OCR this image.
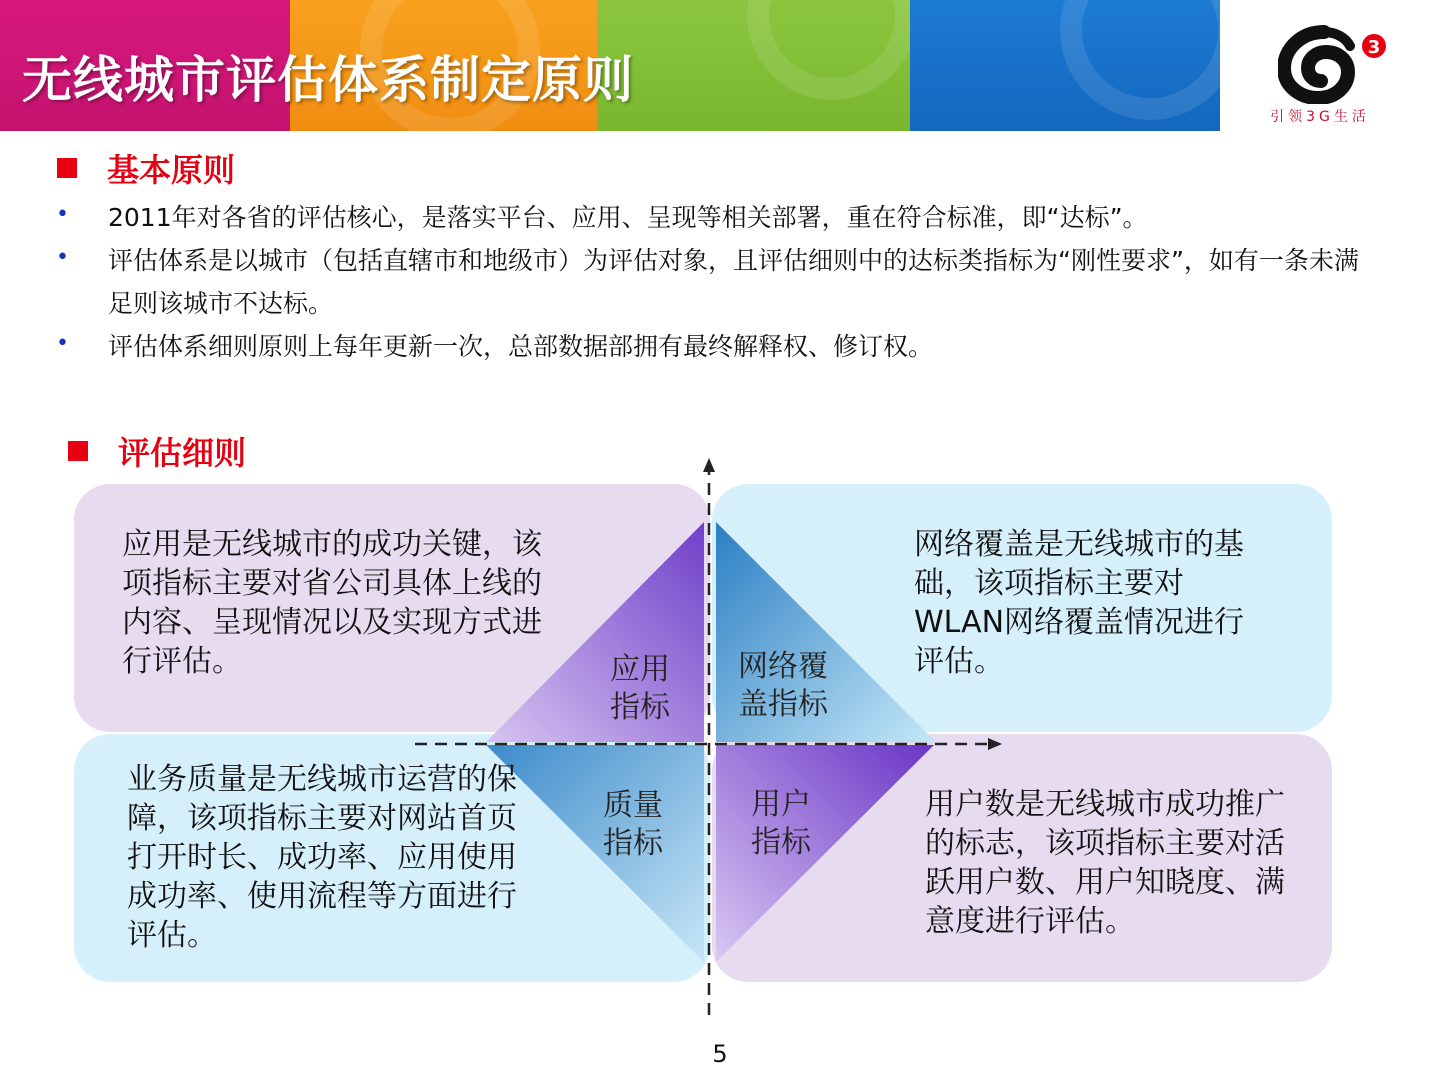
无线城市评估体系制定原则
3
引领3G生活
基本原则
• 2011年对各省的评估核心，是落实平台、应用、呈现等相关部署，重在符合标准，即“达标”。
• 评估体系是以城市（包括直辖市和地级市）为评估对象，且评估细则中的达标类指标为“刚性要求”，如有一条未满足则该城市不达标。
• 评估体系细则原则上每年更新一次，总部数据部拥有最终解释权、修订权。
评估细则
应用是无线城市的成功关键，该项指标主要对省公司具体上线的内容、呈现情况以及实现方式进行评估。
网络覆盖是无线城市的基础，该项指标主要对WLAN网络覆盖情况进行评估。
业务质量是无线城市运营的保障，该项指标主要对网站首页打开时长、成功率、应用使用成功率、使用流程等方面进行评估。
用户数是无线城市成功推广的标志，该项指标主要对活跃用户数、用户知晓度、满意度进行评估。
应用
指标
网络覆
盖指标
质量
指标
用户
指标
5
